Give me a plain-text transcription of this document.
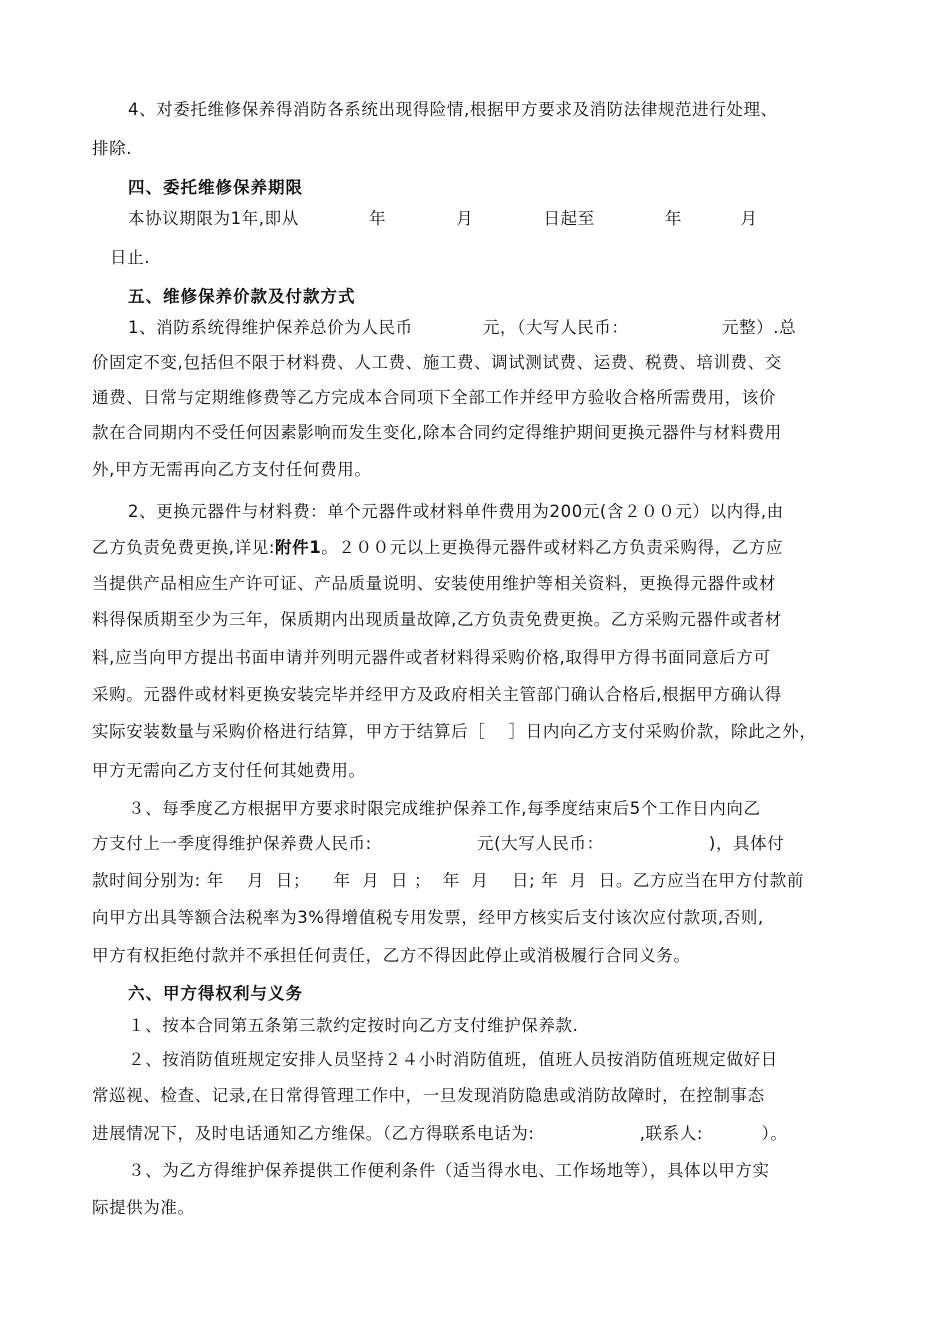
4、对委托维修保养得消防各系统出现得险情,根据甲方要求及消防法律规范进行处理、

排除.

四、委托维修保养期限

本协议期限为1年,即从            年            月            日起至            年          月

日止.

五、维修保养价款及付款方式

1、消防系统得维护保养总价为人民币            元，（大写人民币：                元整）.总

价固定不变,包括但不限于材料费、人工费、施工费、调试测试费、运费、税费、培训费、交

通费、日常与定期维修费等乙方完成本合同项下全部工作并经甲方验收合格所需费用，该价

款在合同期内不受任何因素影响而发生变化,除本合同约定得维护期间更换元器件与材料费用

外,甲方无需再向乙方支付任何费用。

2、更换元器件与材料费：单个元器件或材料单件费用为200元(含２００元）以内得,由

乙方负责免费更换,详见:附件1。２００元以上更换得元器件或材料乙方负责采购得，乙方应

当提供产品相应生产许可证、产品质量说明、安装使用维护等相关资料，更换得元器件或材

料得保质期至少为三年，保质期内出现质量故障,乙方负责免费更换。乙方采购元器件或者材

料,应当向甲方提出书面申请并列明元器件或者材料得采购价格,取得甲方得书面同意后方可

采购。元器件或材料更换安装完毕并经甲方及政府相关主管部门确认合格后,根据甲方确认得

实际安装数量与采购价格进行结算，甲方于结算后［    ］日内向乙方支付采购价款，除此之外，

甲方无需向乙方支付任何其她费用。

３、每季度乙方根据甲方要求时限完成维护保养工作,每季度结束后5个工作日内向乙

方支付上一季度得维护保养费人民币:                  元(大写人民币：                  )，具体付

款时间分别为: 年    月  日；    年  月  日 ；  年  月    日; 年  月  日。乙方应当在甲方付款前

向甲方出具等额合法税率为3%得增值税专用发票，经甲方核实后支付该次应付款项,否则,

甲方有权拒绝付款并不承担任何责任，乙方不得因此停止或消极履行合同义务。

六、甲方得权利与义务

１、按本合同第五条第三款约定按时向乙方支付维护保养款.

２、按消防值班规定安排人员坚持２４小时消防值班，值班人员按消防值班规定做好日

常巡视、检查、记录,在日常得管理工作中，一旦发现消防隐患或消防故障时，在控制事态

进展情况下，及时电话通知乙方维保。（乙方得联系电话为:                  ,联系人:          ）。

３、为乙方得维护保养提供工作便利条件（适当得水电、工作场地等），具体以甲方实

际提供为准。
